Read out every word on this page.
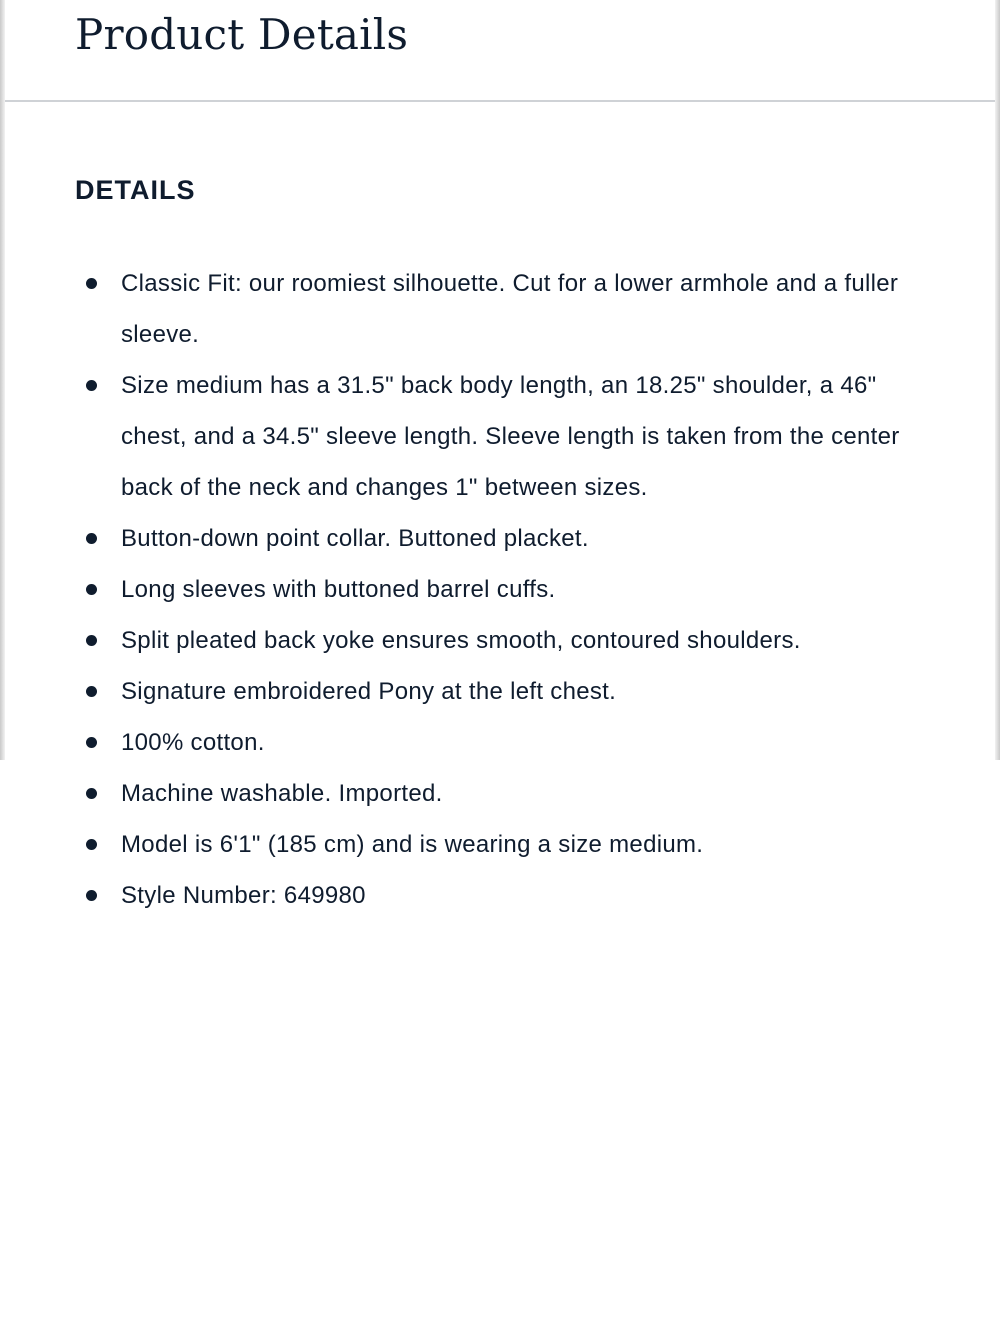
Product Details
DETAILS
Classic Fit: our roomiest silhouette. Cut for a lower armhole and a fuller sleeve.
Size medium has a 31.5" back body length, an 18.25" shoulder, a 46" chest, and a 34.5" sleeve length. Sleeve length is taken from the center back of the neck and changes 1" between sizes.
Button-down point collar. Buttoned placket.
Long sleeves with buttoned barrel cuffs.
Split pleated back yoke ensures smooth, contoured shoulders.
Signature embroidered Pony at the left chest.
100% cotton.
Machine washable. Imported.
Model is 6'1" (185 cm) and is wearing a size medium.
Style Number: 649980
